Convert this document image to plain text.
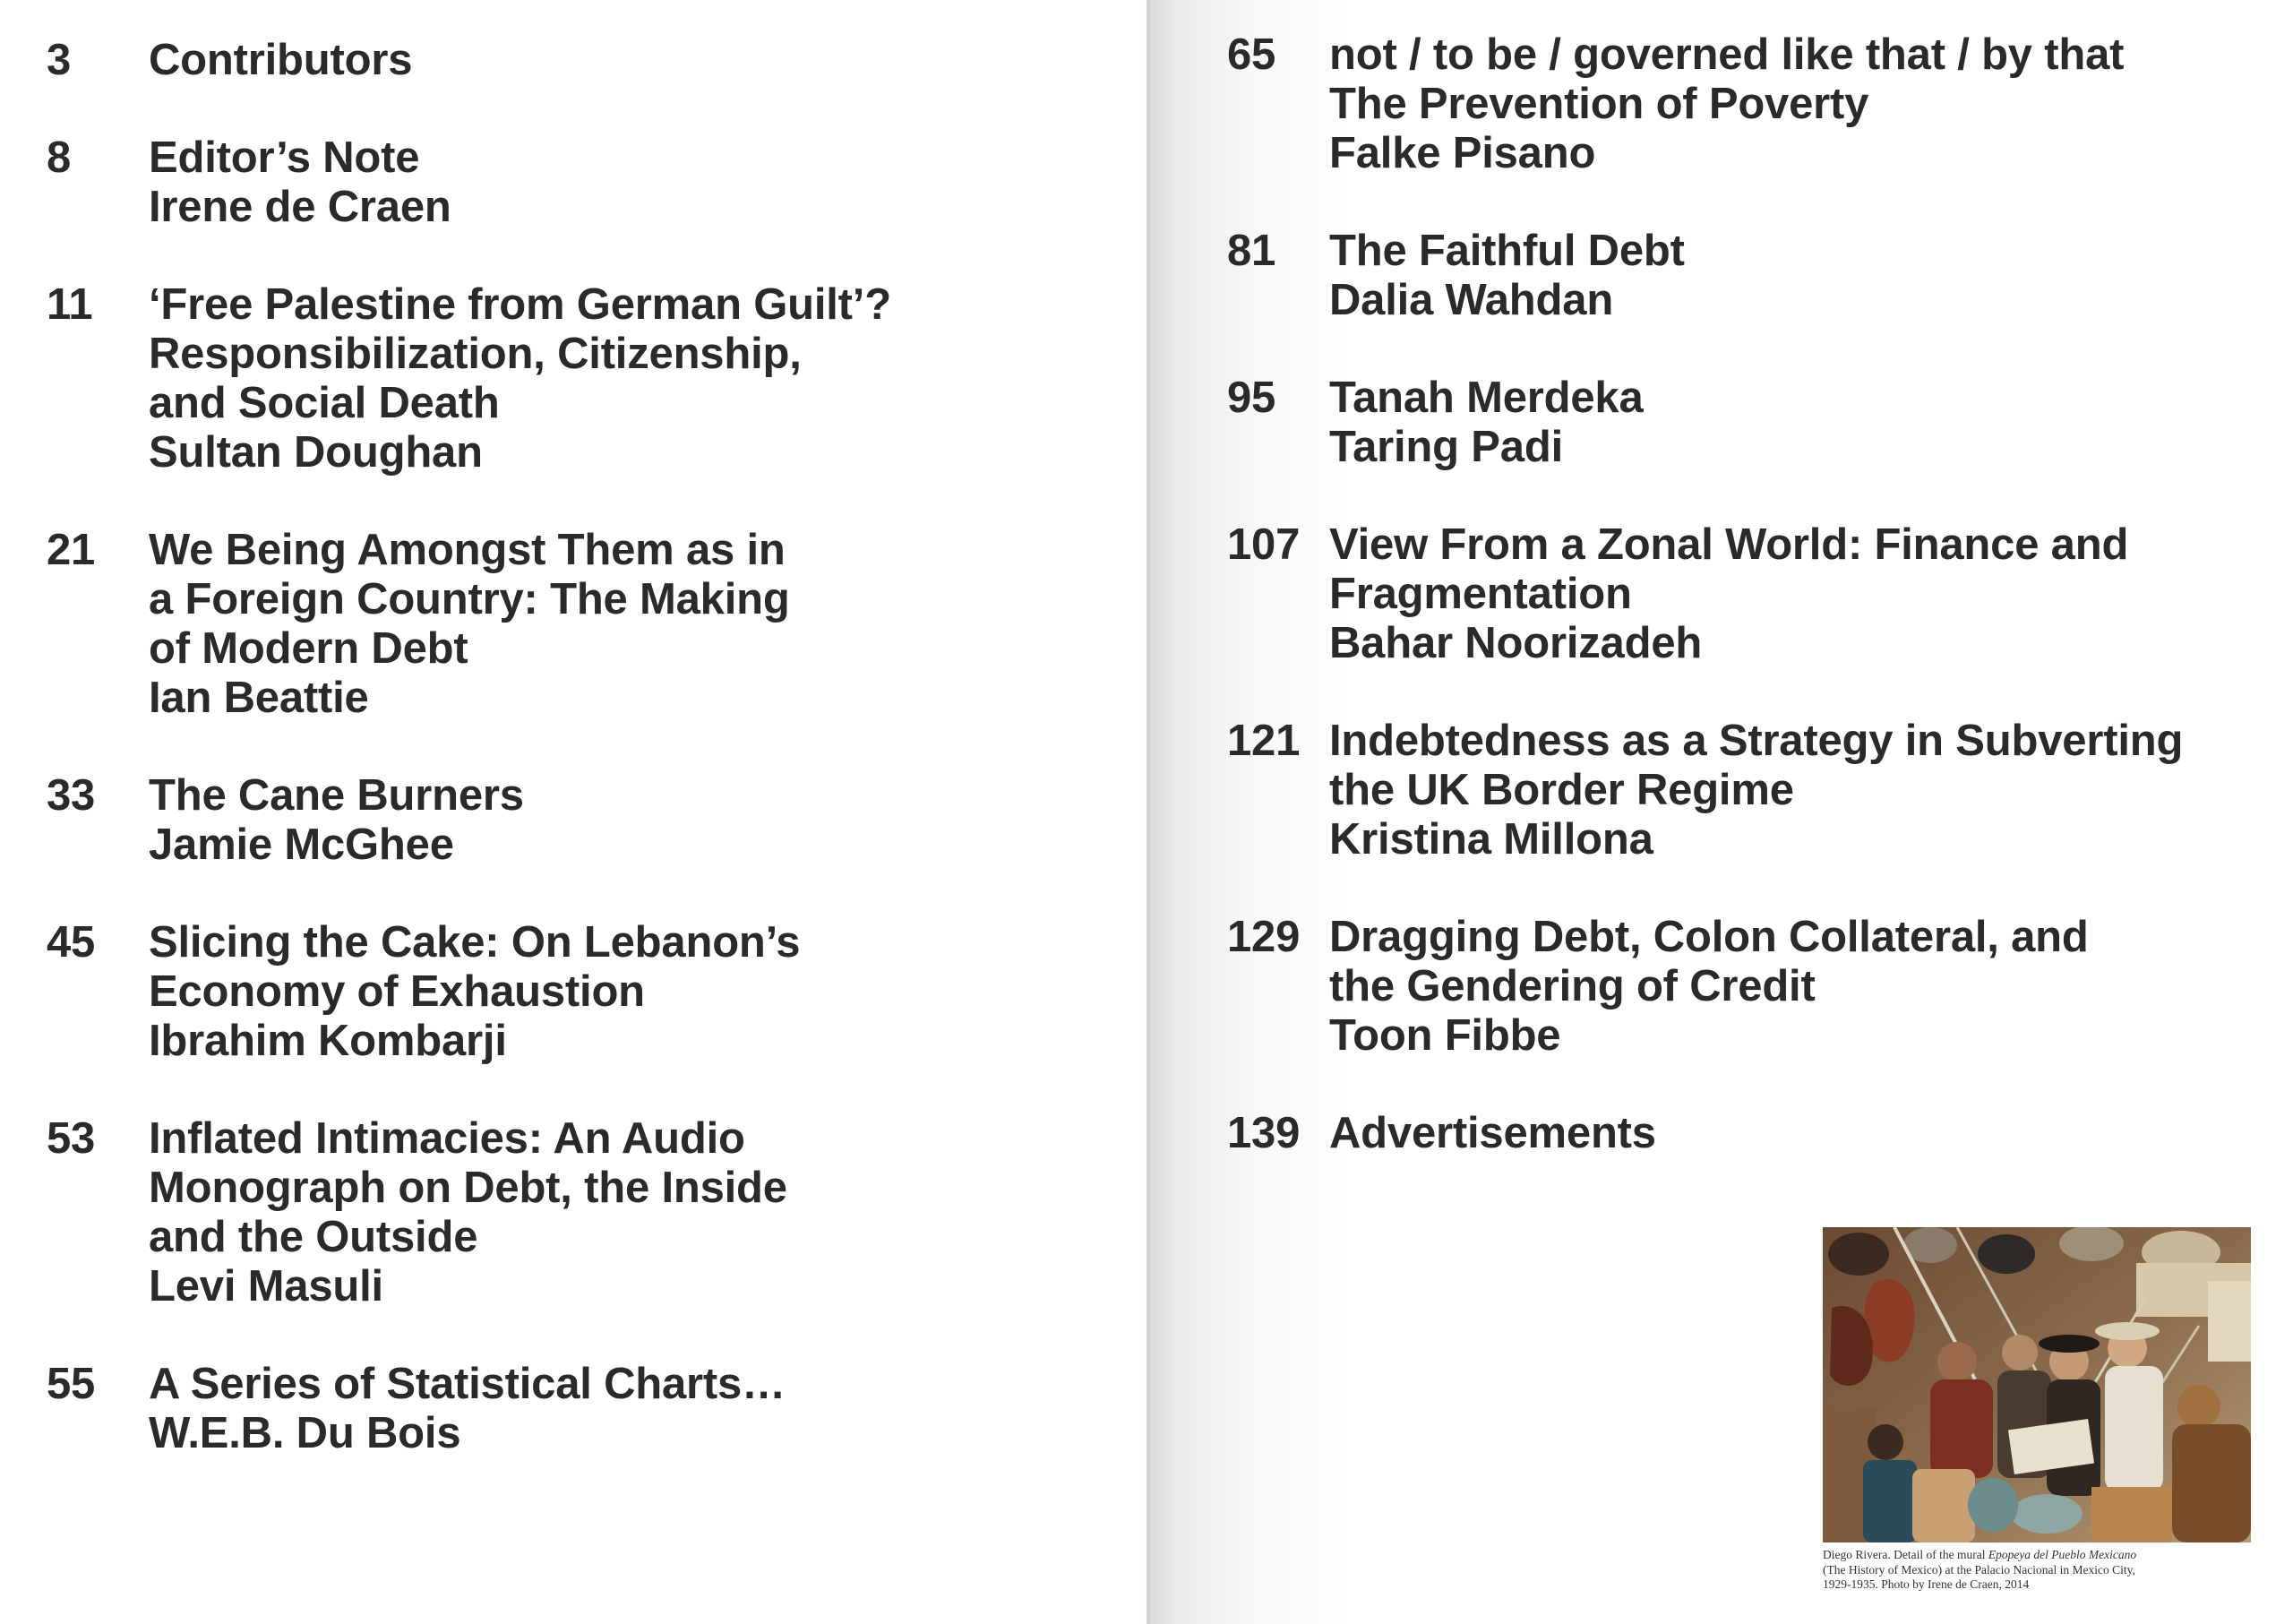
3	Contributors
8	Editor’s Note
Irene de Craen
11	‘Free Palestine from German Guilt’?
Responsibilization, Citizenship,
and Social Death
Sultan Doughan
21	We Being Amongst Them as in
a Foreign Country: The Making
of Modern Debt
Ian Beattie
33	The Cane Burners
Jamie McGhee
45	Slicing the Cake: On Lebanon’s
Economy of Exhaustion
Ibrahim Kombarji
53	Inflated Intimacies: An Audio
Monograph on Debt, the Inside
and the Outside
Levi Masuli
55	A Series of Statistical Charts…
W.E.B. Du Bois
65	not / to be / governed like that / by that
The Prevention of Poverty
Falke Pisano
81	The Faithful Debt
Dalia Wahdan
95	Tanah Merdeka
Taring Padi
107 View From a Zonal World: Finance and
Fragmentation
Bahar Noorizadeh
121 Indebtedness as a Strategy in Subverting
the UK Border Regime
Kristina Millona
129 Dragging Debt, Colon Collateral, and
the Gendering of Credit
Toon Fibbe
139 Advertisements
Diego Rivera. Detail of the mural Epopeya del Pueblo Mexicano
(The History of Mexico) at the Palacio Nacional in Mexico City,
1929-1935. Photo by Irene de Craen, 2014
